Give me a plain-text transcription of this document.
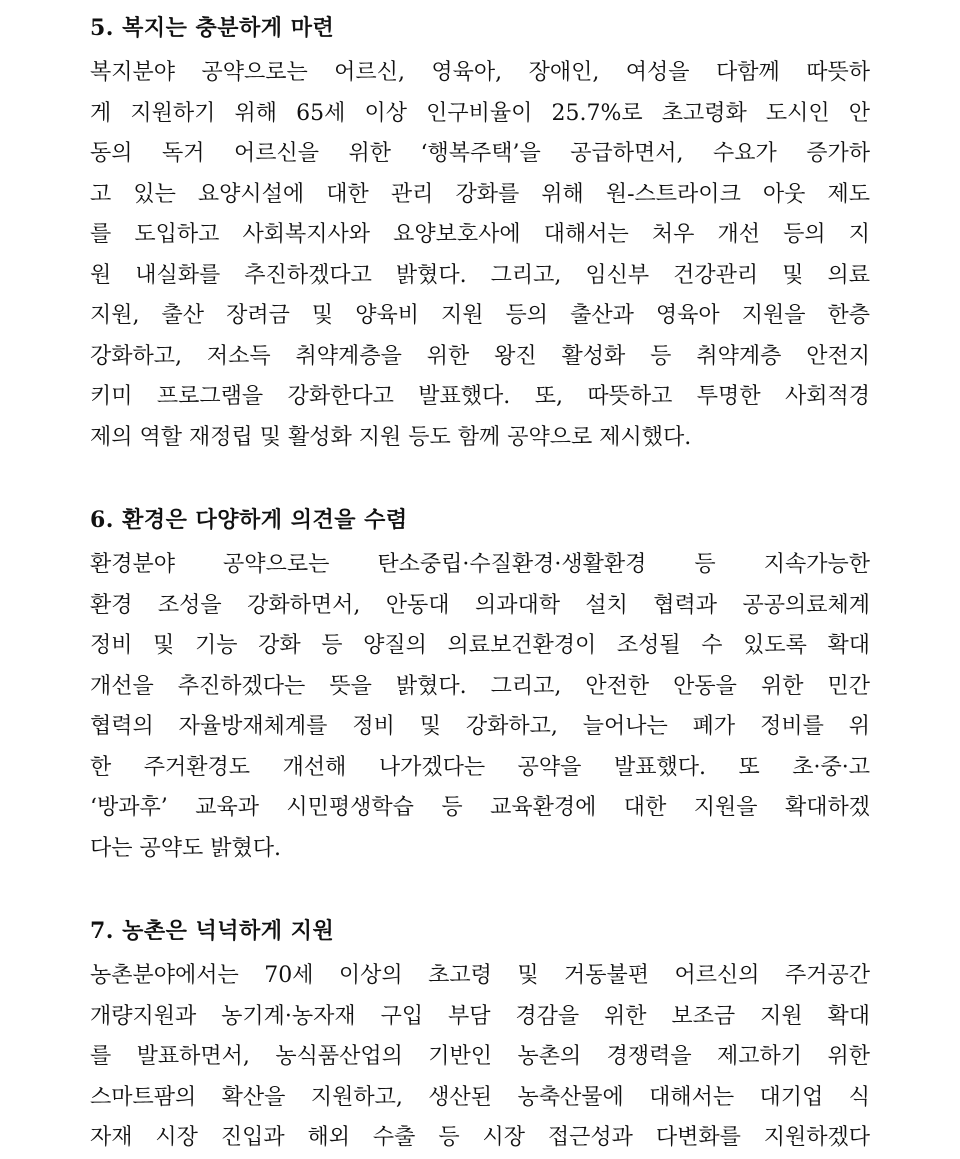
5. 복지는 충분하게 마련
복지분야 공약으로는 어르신, 영육아, 장애인, 여성을 다함께 따뜻하
게 지원하기 위해 65세 이상 인구비율이 25.7%로 초고령화 도시인 안
동의 독거 어르신을 위한 ‘행복주택’을 공급하면서, 수요가 증가하
고 있는 요양시설에 대한 관리 강화를 위해 원-스트라이크 아웃 제도
를 도입하고 사회복지사와 요양보호사에 대해서는 처우 개선 등의 지
원 내실화를 추진하겠다고 밝혔다. 그리고, 임신부 건강관리 및 의료
지원, 출산 장려금 및 양육비 지원 등의 출산과 영육아 지원을 한층
강화하고, 저소득 취약계층을 위한 왕진 활성화 등 취약계층 안전지
키미 프로그램을 강화한다고 발표했다. 또, 따뜻하고 투명한 사회적경
제의 역할 재정립 및 활성화 지원 등도 함께 공약으로 제시했다.
6. 환경은 다양하게 의견을 수렴
환경분야 공약으로는 탄소중립·수질환경·생활환경 등 지속가능한
환경 조성을 강화하면서, 안동대 의과대학 설치 협력과 공공의료체계
정비 및 기능 강화 등 양질의 의료보건환경이 조성될 수 있도록 확대
개선을 추진하겠다는 뜻을 밝혔다. 그리고, 안전한 안동을 위한 민간
협력의 자율방재체계를 정비 및 강화하고, 늘어나는 폐가 정비를 위
한 주거환경도 개선해 나가겠다는 공약을 발표했다. 또 초·중·고
‘방과후’ 교육과 시민평생학습 등 교육환경에 대한 지원을 확대하겠
다는 공약도 밝혔다.
7. 농촌은 넉넉하게 지원
농촌분야에서는 70세 이상의 초고령 및 거동불편 어르신의 주거공간
개량지원과 농기계·농자재 구입 부담 경감을 위한 보조금 지원 확대
를 발표하면서, 농식품산업의 기반인 농촌의 경쟁력을 제고하기 위한
스마트팜의 확산을 지원하고, 생산된 농축산물에 대해서는 대기업 식
자재 시장 진입과 해외 수출 등 시장 접근성과 다변화를 지원하겠다
